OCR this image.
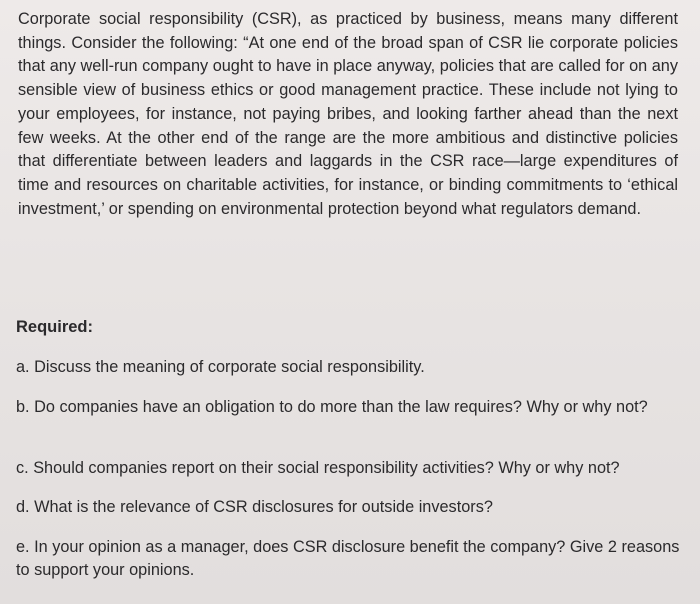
Corporate social responsibility (CSR), as practiced by business, means many different things. Consider the following: “At one end of the broad span of CSR lie corporate policies that any well-run company ought to have in place anyway, policies that are called for on any sensible view of business ethics or good management practice. These include not lying to your employees, for instance, not paying bribes, and looking farther ahead than the next few weeks. At the other end of the range are the more ambitious and distinctive policies that differentiate between leaders and laggards in the CSR race—large expenditures of time and resources on charitable activities, for instance, or binding commitments to ‘ethical investment,’ or spending on environmental protection beyond what regulators demand.

Required:

a. Discuss the meaning of corporate social responsibility.

b. Do companies have an obligation to do more than the law requires? Why or why not?

c. Should companies report on their social responsibility activities? Why or why not?

d. What is the relevance of CSR disclosures for outside investors?

e. In your opinion as a manager, does CSR disclosure benefit the company? Give 2 reasons to support your opinions.
